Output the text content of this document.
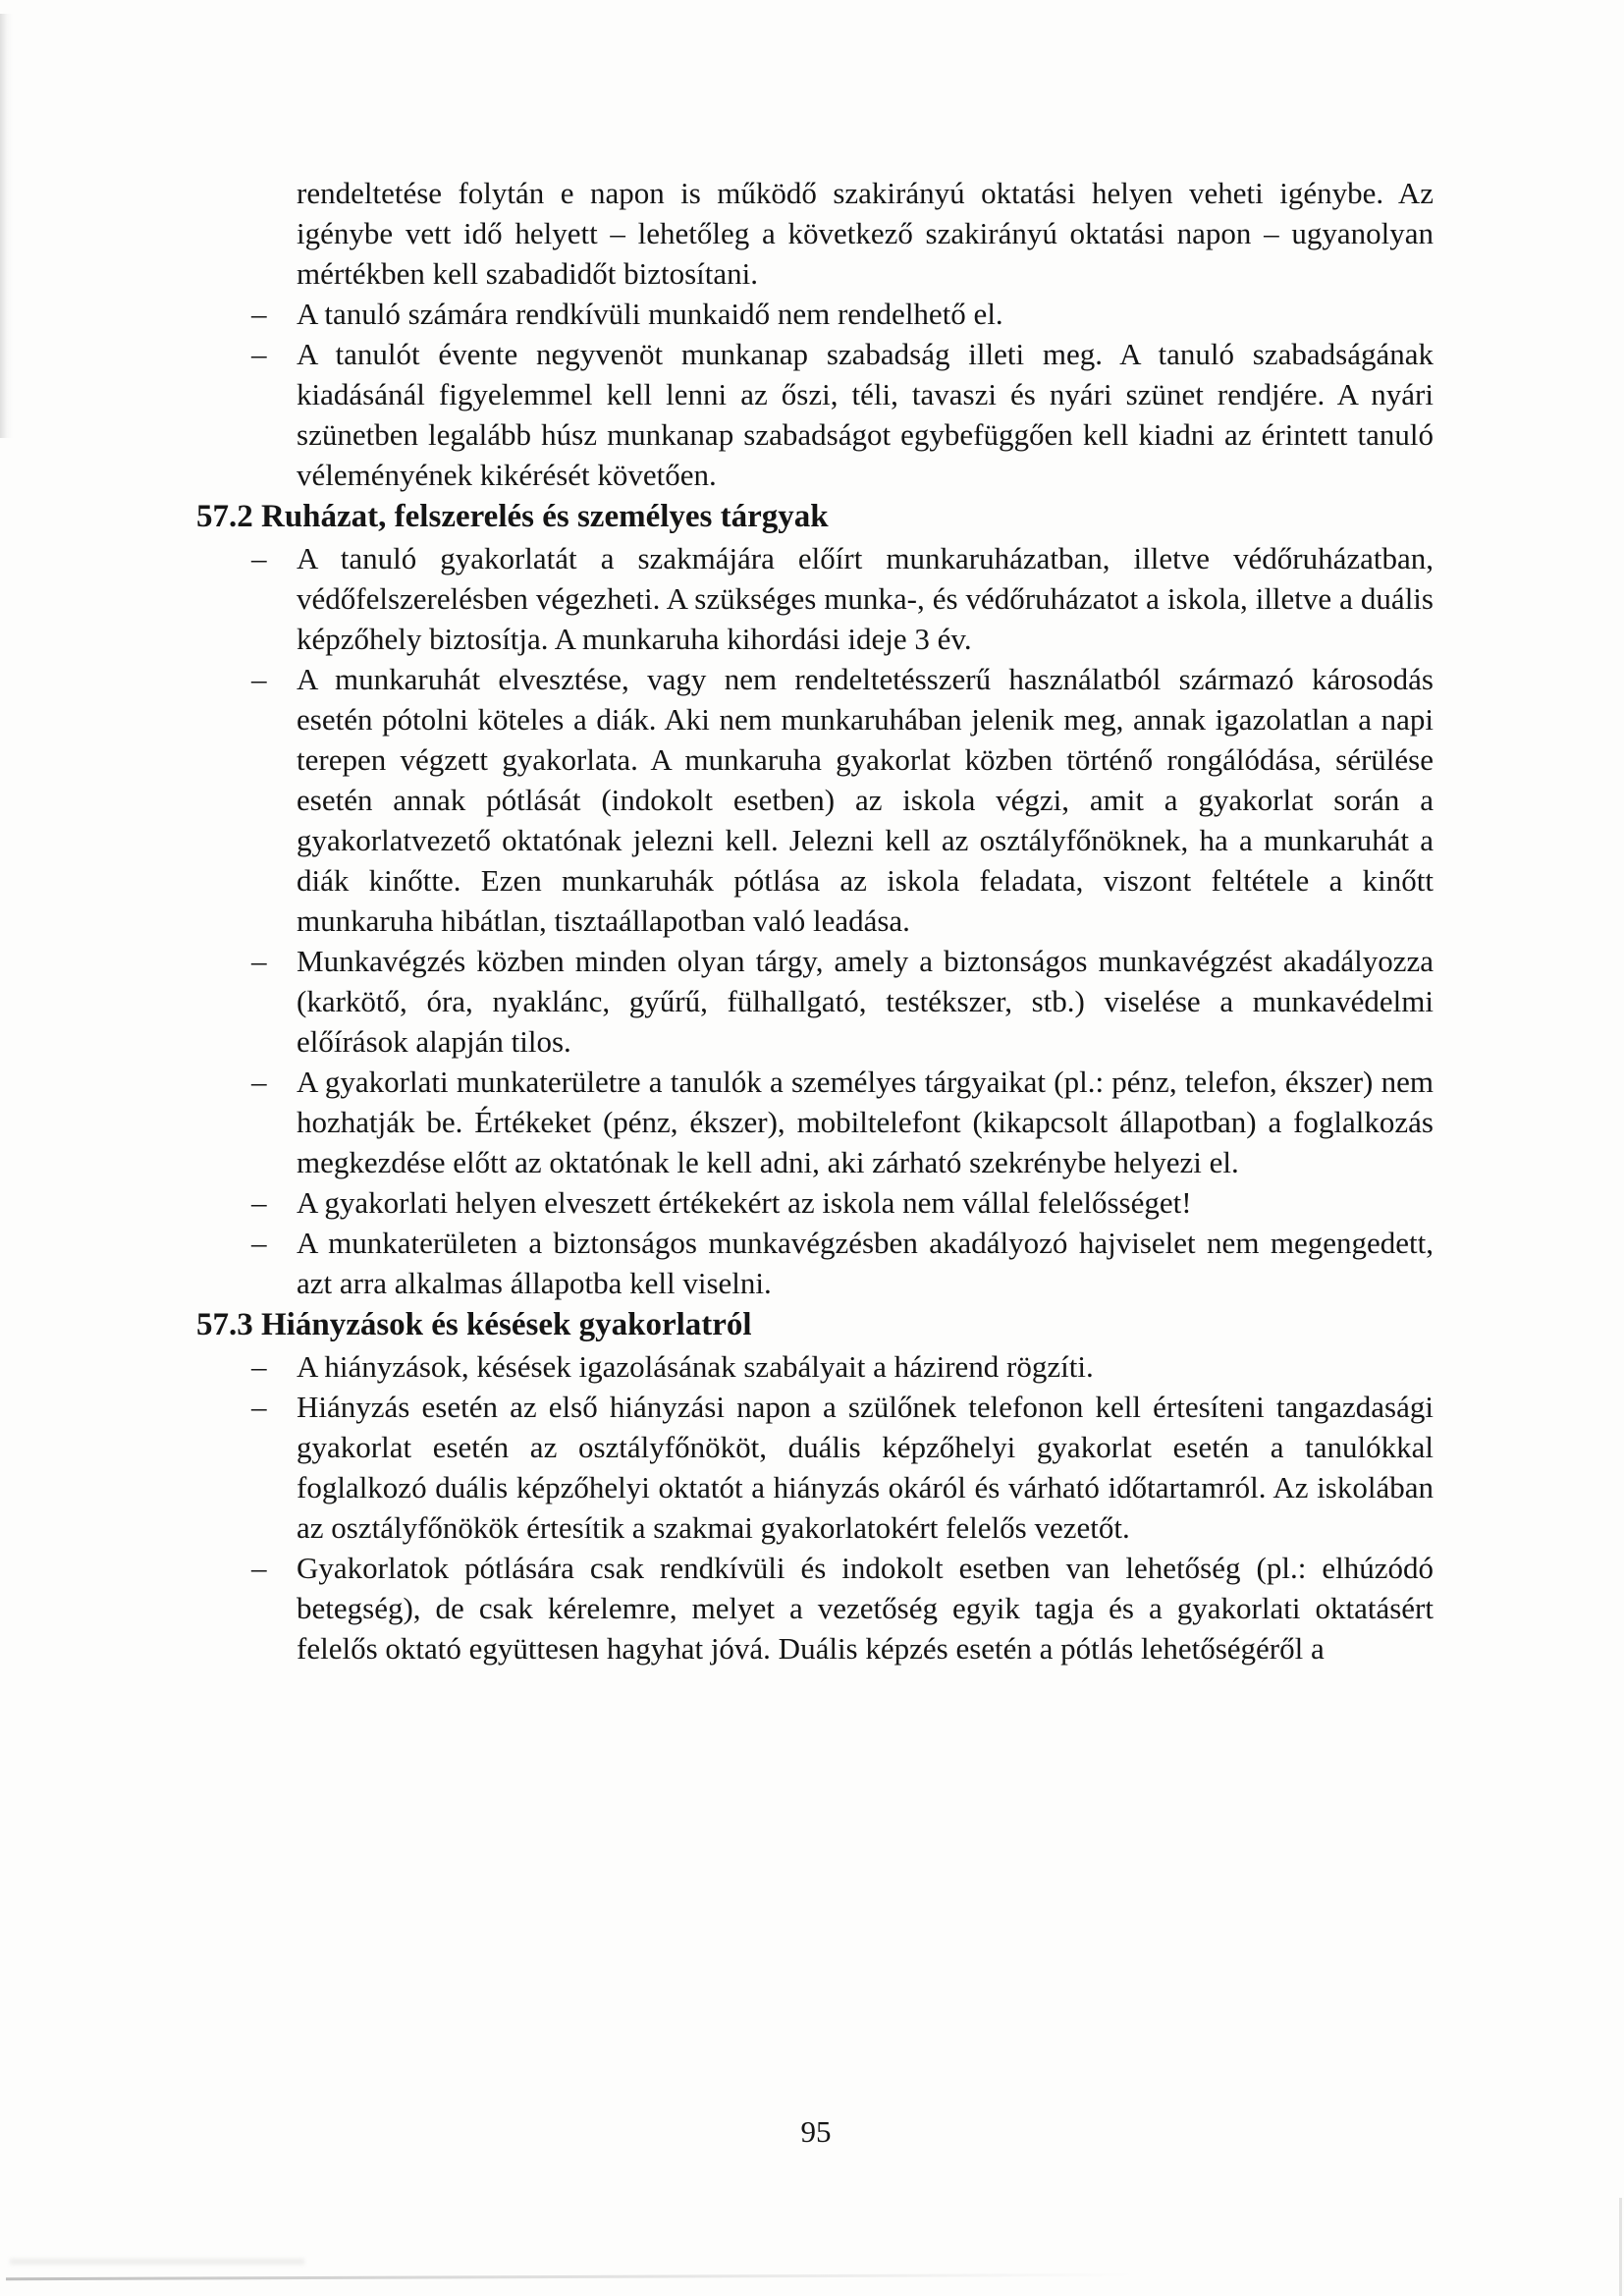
rendeltetése folytán e napon is működő szakirányú oktatási helyen veheti igénybe. Az igénybe vett idő helyett – lehetőleg a következő szakirányú oktatási napon – ugyanolyan mértékben kell szabadidőt biztosítani.

– A tanuló számára rendkívüli munkaidő nem rendelhető el.
– A tanulót évente negyvenöt munkanap szabadság illeti meg. A tanuló szabadságának kiadásánál figyelemmel kell lenni az őszi, téli, tavaszi és nyári szünet rendjére. A nyári szünetben legalább húsz munkanap szabadságot egybefüggően kell kiadni az érintett tanuló véleményének kikérését követően.
57.2 Ruházat, felszerelés és személyes tárgyak
– A tanuló gyakorlatát a szakmájára előírt munkaruházatban, illetve védőruházatban, védőfelszerelésben végezheti. A szükséges munka-, és védőruházatot a iskola, illetve a duális képzőhely biztosítja. A munkaruha kihordási ideje 3 év.
– A munkaruhát elvesztése, vagy nem rendeltetésszerű használatból származó károsodás esetén pótolni köteles a diák. Aki nem munkaruhában jelenik meg, annak igazolatlan a napi terepen végzett gyakorlata. A munkaruha gyakorlat közben történő rongálódása, sérülése esetén annak pótlását (indokolt esetben) az iskola végzi, amit a gyakorlat során a gyakorlatvezető oktatónak jelezni kell. Jelezni kell az osztályfőnöknek, ha a munkaruhát a diák kinőtte. Ezen munkaruhák pótlása az iskola feladata, viszont feltétele a kinőtt munkaruha hibátlan, tisztaállapotban való leadása.
– Munkavégzés közben minden olyan tárgy, amely a biztonságos munkavégzést akadályozza (karkötő, óra, nyaklánc, gyűrű, fülhallgató, testékszer, stb.) viselése a munkavédelmi előírások alapján tilos.
– A gyakorlati munkaterületre a tanulók a személyes tárgyaikat (pl.: pénz, telefon, ékszer) nem hozhatják be. Értékeket (pénz, ékszer), mobiltelefont (kikapcsolt állapotban) a foglalkozás megkezdése előtt az oktatónak le kell adni, aki zárható szekrénybe helyezi el.
– A gyakorlati helyen elveszett értékekért az iskola nem vállal felelősséget!
– A munkaterületen a biztonságos munkavégzésben akadályozó hajviselet nem megengedett, azt arra alkalmas állapotba kell viselni.
57.3 Hiányzások és késések gyakorlatról
– A hiányzások, késések igazolásának szabályait a házirend rögzíti.
– Hiányzás esetén az első hiányzási napon a szülőnek telefonon kell értesíteni tangazdasági gyakorlat esetén az osztályfőnököt, duális képzőhelyi gyakorlat esetén a tanulókkal foglalkozó duális képzőhelyi oktatót a hiányzás okáról és várható időtartamról. Az iskolában az osztályfőnökök értesítik a szakmai gyakorlatokért felelős vezetőt.
– Gyakorlatok pótlására csak rendkívüli és indokolt esetben van lehetőség (pl.: elhúzódó betegség), de csak kérelemre, melyet a vezetőség egyik tagja és a gyakorlati oktatásért felelős oktató együttesen hagyhat jóvá. Duális képzés esetén a pótlás lehetőségéről a
95
